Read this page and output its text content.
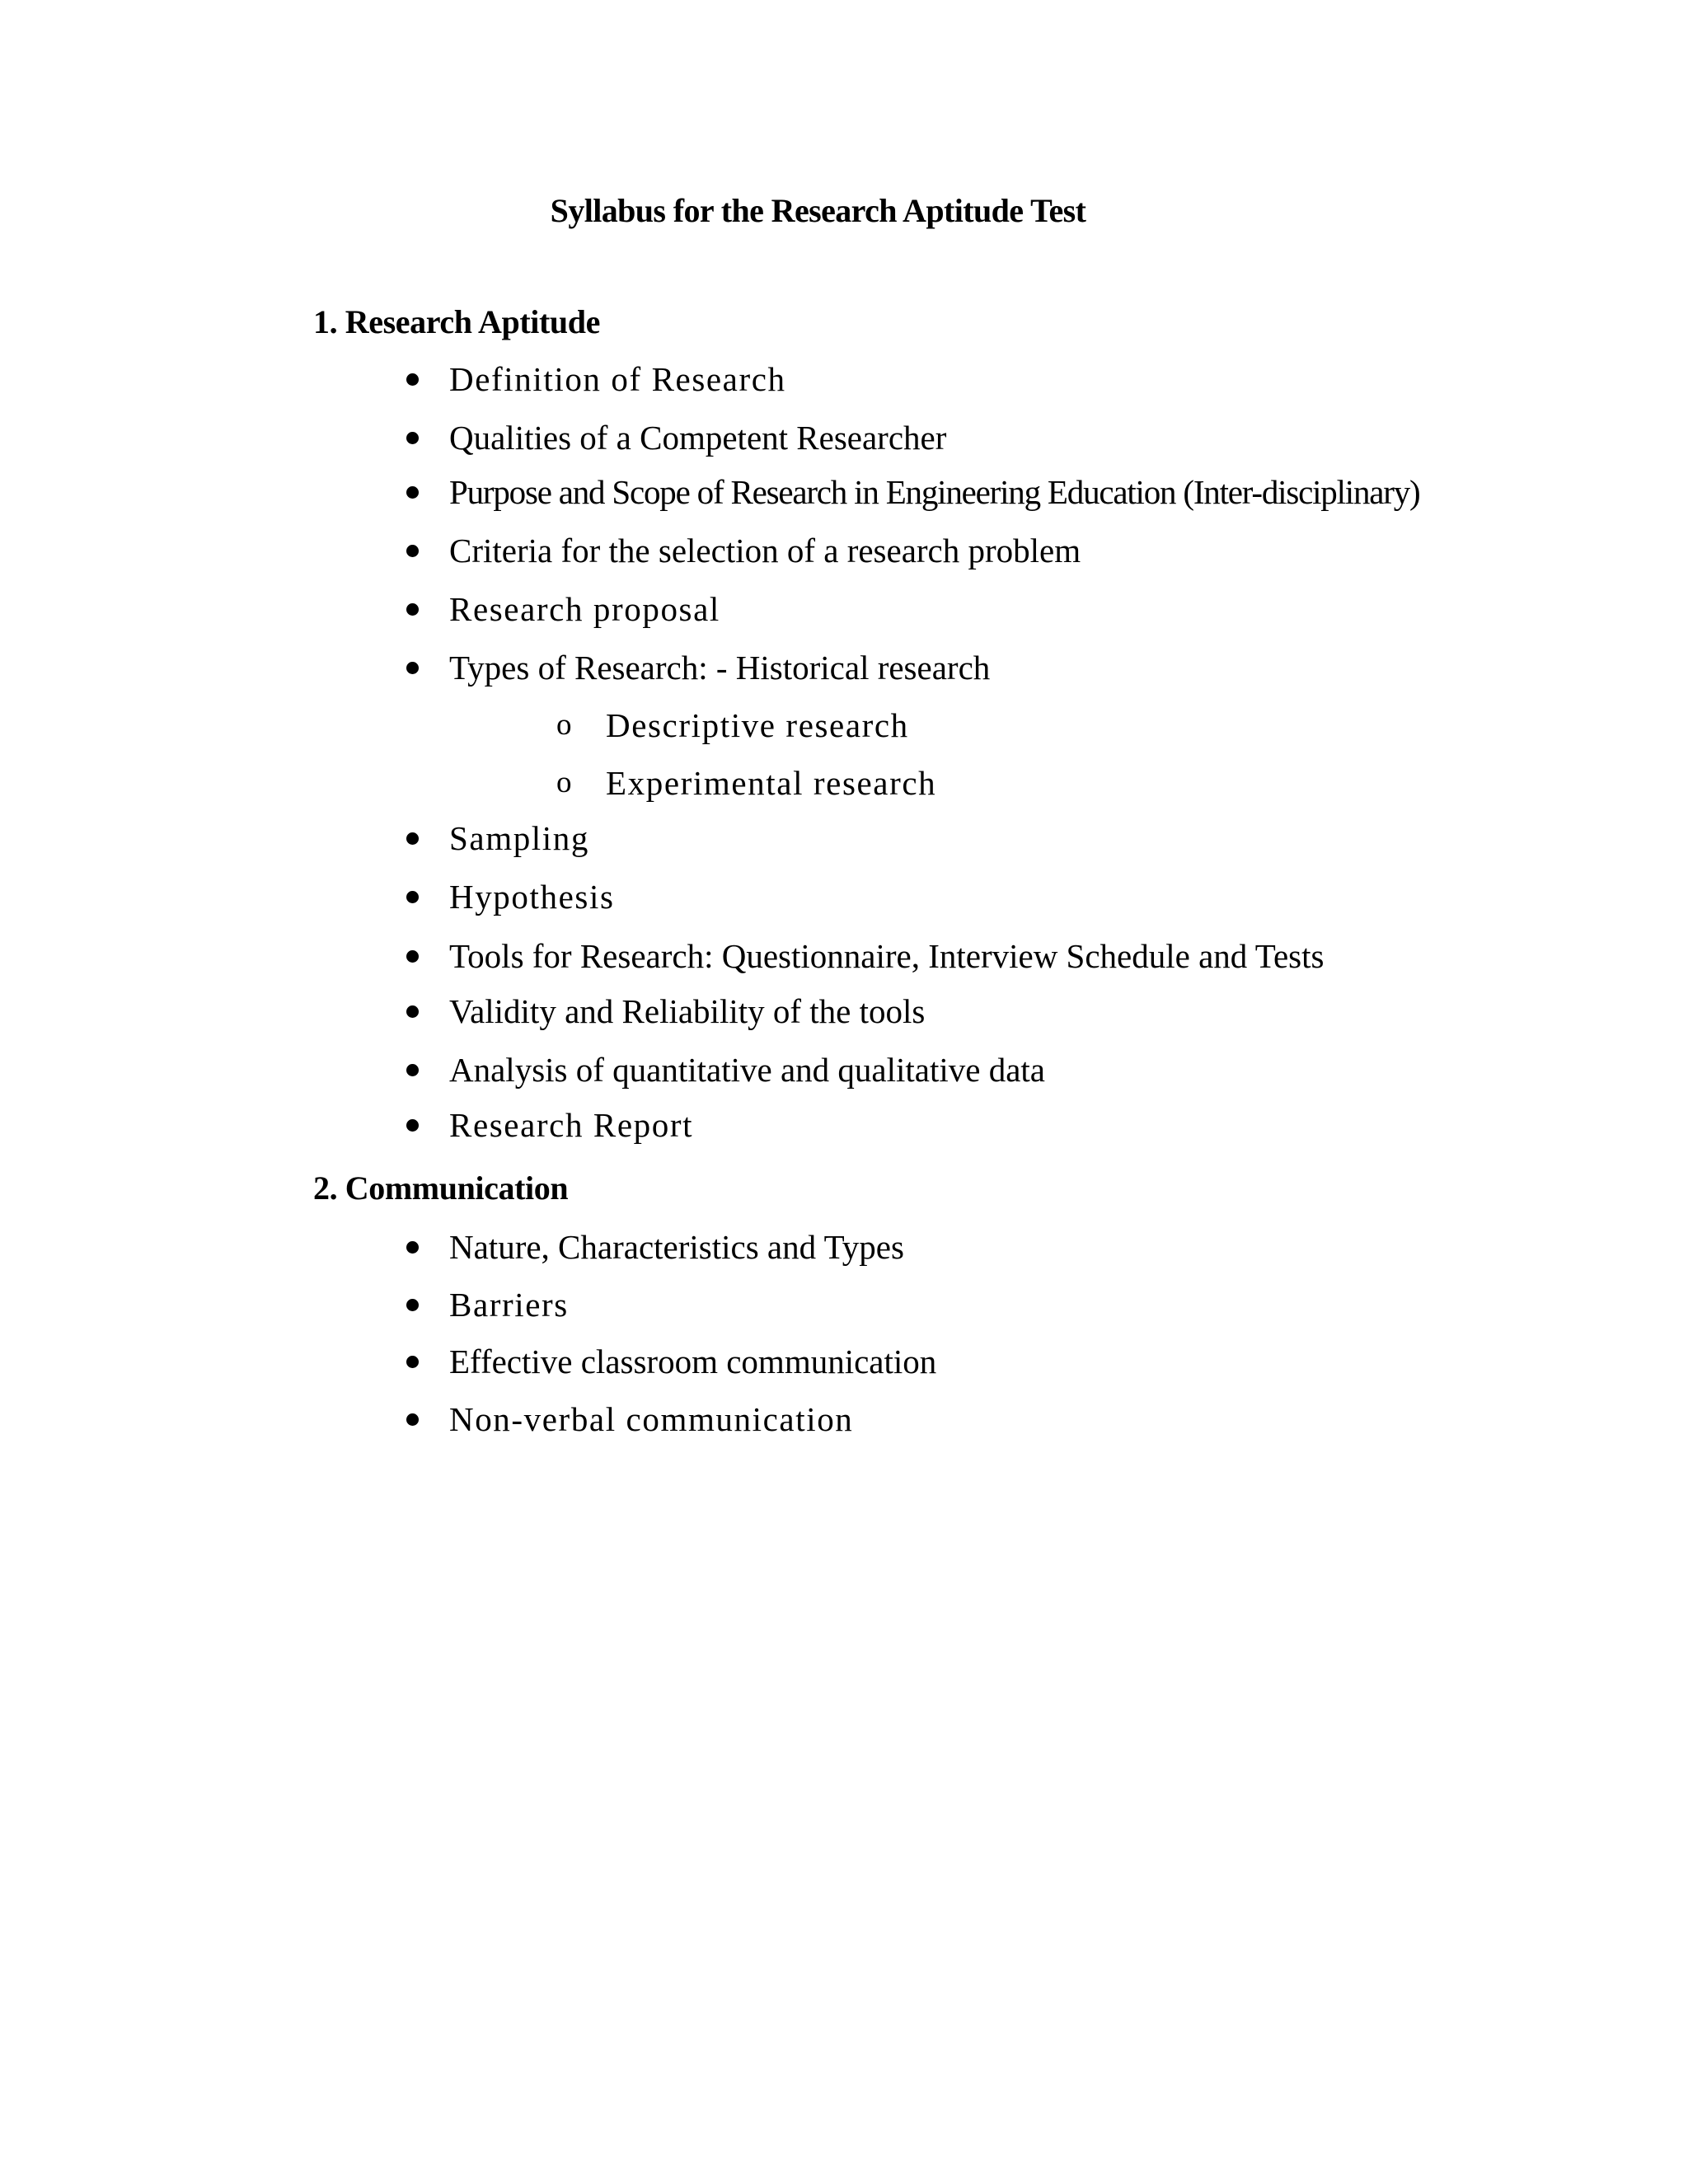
Syllabus for the Research Aptitude Test
1. Research Aptitude
Definition of Research
Qualities of a Competent Researcher
Purpose and Scope of Research in Engineering Education (Inter-disciplinary)
Criteria for the selection of a research problem
Research proposal
Types of Research: - Historical research
o	Descriptive research
o	Experimental research
Sampling
Hypothesis
Tools for Research: Questionnaire, Interview Schedule and Tests
Validity and Reliability of the tools
Analysis of quantitative and qualitative data
Research Report
2. Communication
Nature, Characteristics and Types
Barriers
Effective classroom communication
Non-verbal communication
